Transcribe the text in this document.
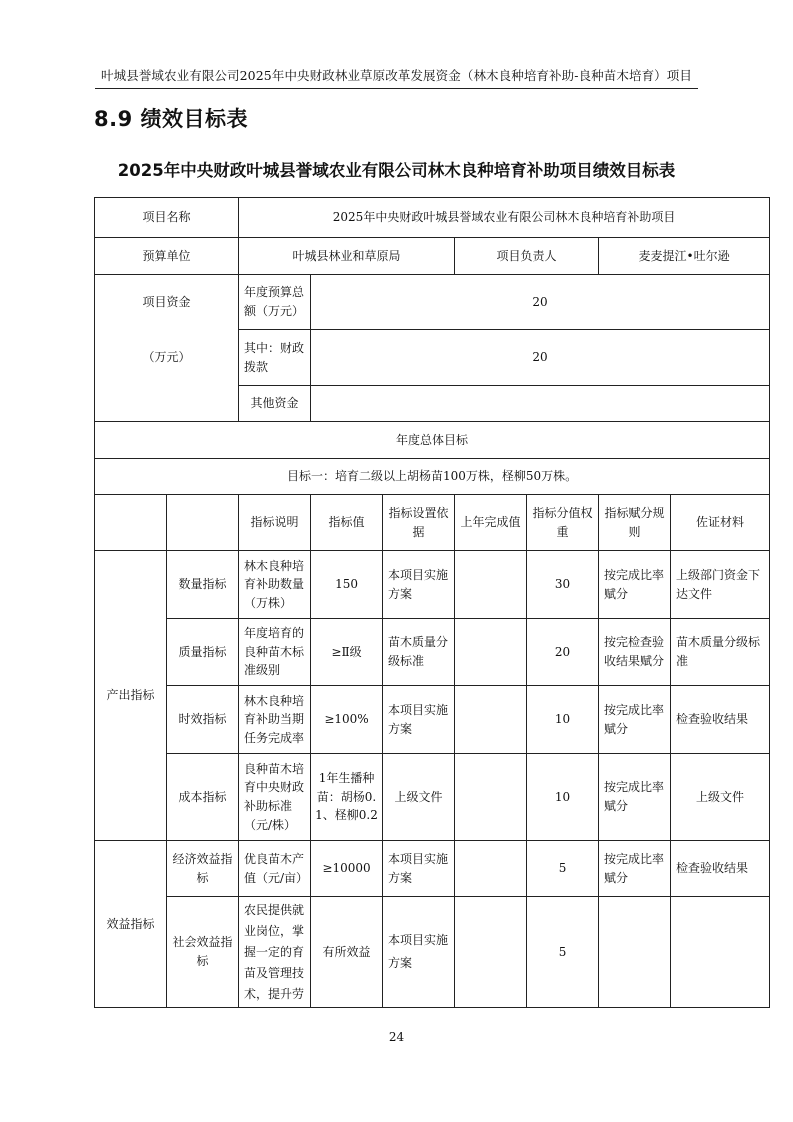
叶城县誉域农业有限公司2025年中央财政林业草原改革发展资金（林木良种培育补助-良种苗木培育）项目
8.9 绩效目标表
2025年中央财政叶城县誉域农业有限公司林木良种培育补助项目绩效目标表
项目名称		2025年中央财政叶城县誉域农业有限公司林木良种培育补助项目						
预算单位		叶城县林业和草原局			项目负责人		麦麦提江•吐尔逊	
项目资金		年度预算总额（万元）	20					
（万元）		其中：财政拨款	20					
		其他资金						
年度总体目标								
目标一：培育二级以上胡杨苗100万株，柽柳50万株。								
		指标说明	指标值	指标设置依据	上年完成值	指标分值权重	指标赋分规则	佐证材料
产出指标	数量指标	林木良种培育补助数量（万株）	150	本项目实施方案		30	按完成比率赋分	上级部门资金下达文件
	质量指标	年度培育的良种苗木标准级别	≥Ⅱ级	苗木质量分级标准		20	按完检查验收结果赋分	苗木质量分级标准
	时效指标	林木良种培育补助当期任务完成率	≥100%	本项目实施方案		10	按完成比率赋分	检查验收结果
	成本指标	良种苗木培育中央财政补助标准（元/株）	1年生播种苗：胡杨0.1、柽柳0.2	上级文件		10	按完成比率赋分	上级文件
效益指标	经济效益指标	优良苗木产值（元/亩）	≥10000	本项目实施方案		5	按完成比率赋分	检查验收结果
	社会效益指标	农民提供就业岗位，掌握一定的育苗及管理技术，提升劳	有所效益	本项目实施方案		5		
24
